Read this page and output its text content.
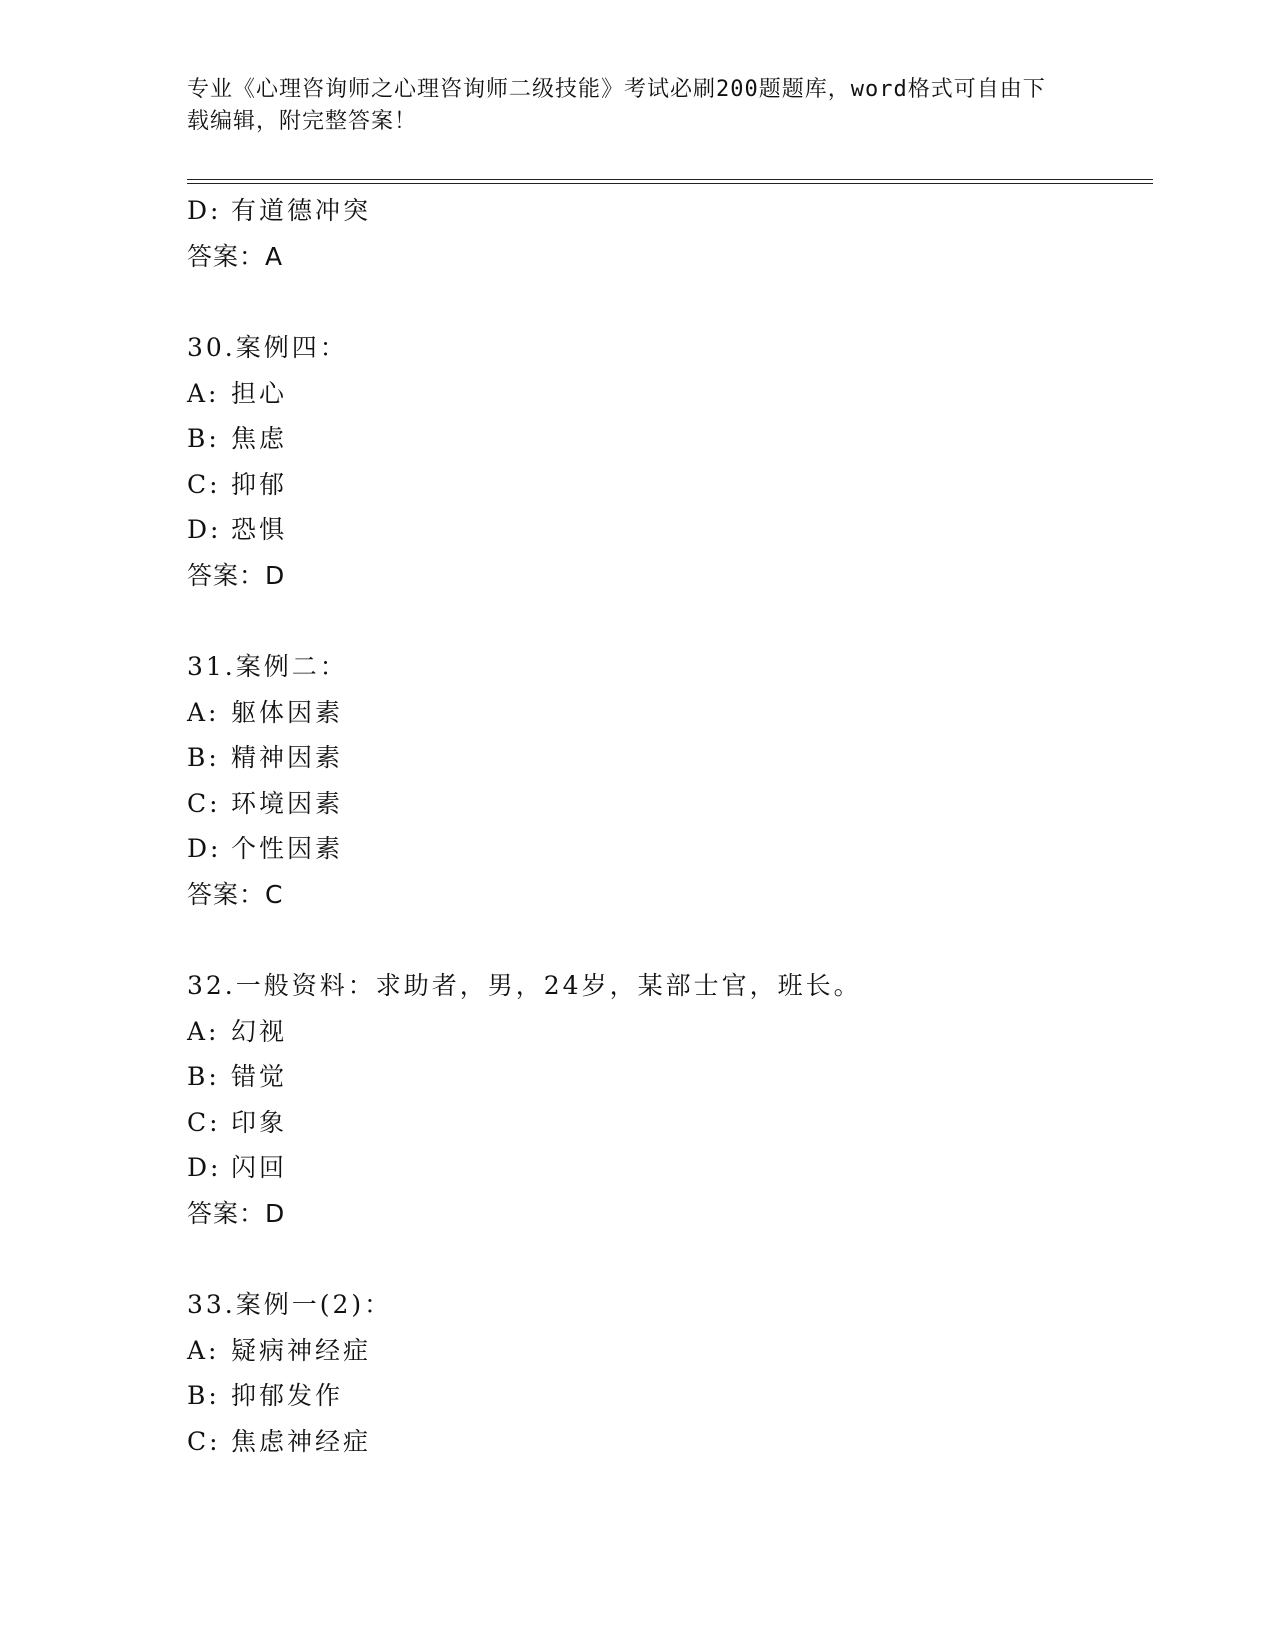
专业《心理咨询师之心理咨询师二级技能》考试必刷200题题库，word格式可自由下载编辑，附完整答案！
D: 有道德冲突
答案：A
30.案例四：
A: 担心
B: 焦虑
C: 抑郁
D: 恐惧
答案：D
31.案例二：
A: 躯体因素
B: 精神因素
C: 环境因素
D: 个性因素
答案：C
32.一般资料：求助者，男，24岁，某部士官，班长。
A: 幻视
B: 错觉
C: 印象
D: 闪回
答案：D
33.案例一(2)：
A: 疑病神经症
B: 抑郁发作
C: 焦虑神经症
